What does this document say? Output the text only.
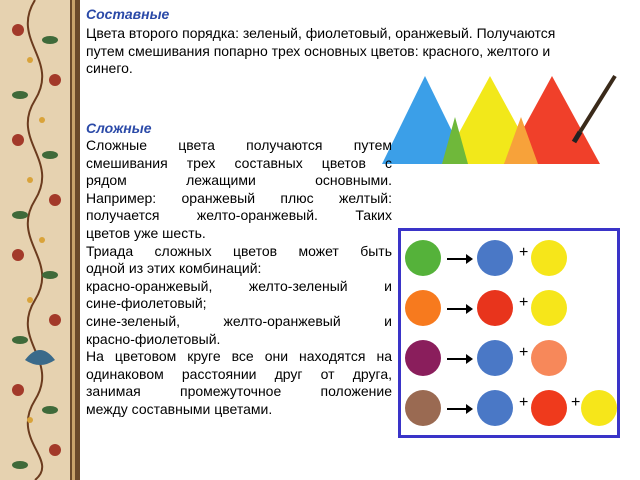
Составные

Цвета второго порядка: зеленый, фиолетовый, оранжевый. Получаются путем смешивания попарно трех основных цветов: красного, желтого и синего.

Сложные

Сложные цвета получаются путем

смешивания трех составных цветов с

рядом лежащими основными.

Например: оранжевый плюс желтый:

получается желто-оранжевый. Таких

цветов уже шесть.

Триада сложных цветов может быть

одной из этих комбинаций:

красно-оранжевый, желто-зеленый и

сине-фиолетовый;

сине-зеленый, желто-оранжевый и

красно-фиолетовый.

На цветовом круге все они находятся на

одинаковом расстоянии друг от друга,

занимая промежуточное положение

между составными цветами.

+
+
+
+	+
